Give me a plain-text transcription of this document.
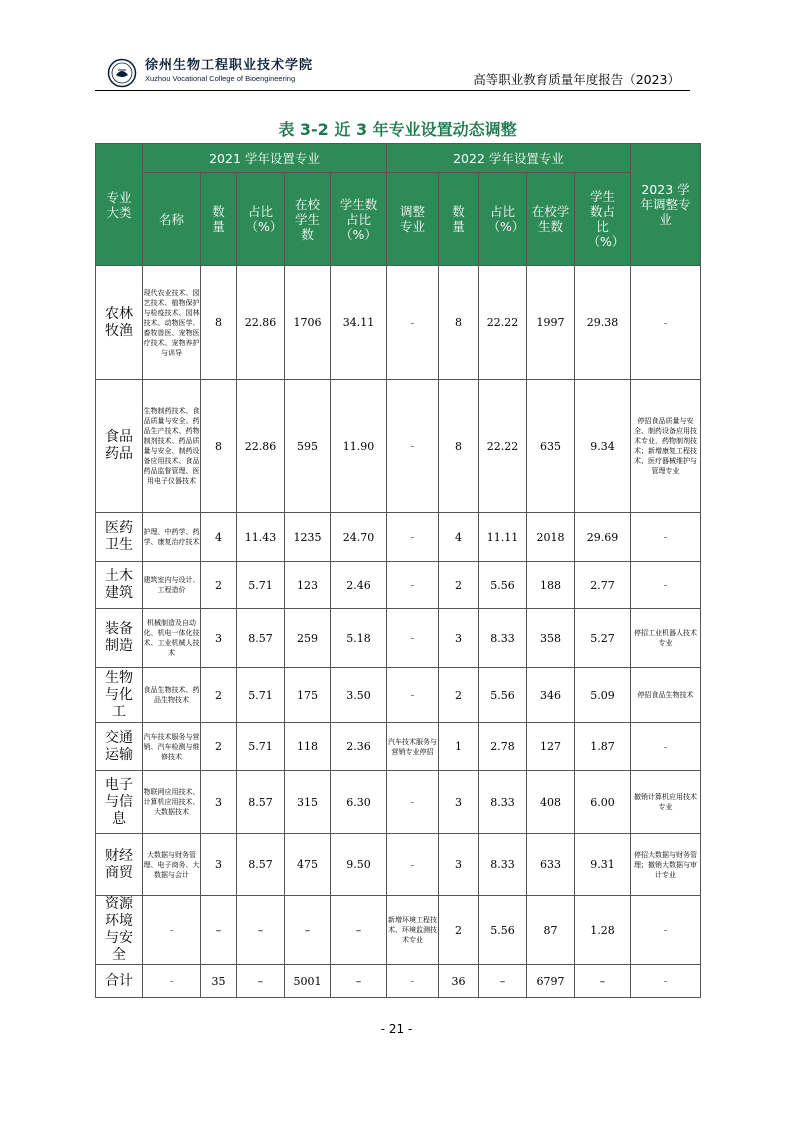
徐州生物工程职业技术学院
Xuzhou Vocational College of Bioengineering	高等职业教育质量年度报告（2023）
表 3-2 近 3 年专业设置动态调整
专业大类	2021 学年设置专业					2022 学年设置专业					2023 学年调整专业
	名称	数量	占比（%）	在校学生数	学生数占比（%）	调整专业	数量	占比（%）	在校学生数	学生数占比（%）	
农林牧渔	现代农业技术、园艺技术、植物保护与检疫技术、园林技术、动物医学、畜牧兽医、宠物医疗技术、宠物养护与训导	8	22.86	1706	34.11	–	8	22.22	1997	29.38	–
食品药品	生物制药技术、食品质量与安全、药品生产技术、药物制剂技术、药品质量与安全、制药设备应用技术、食品药品监督管理、医用电子仪器技术	8	22.86	595	11.90	–	8	22.22	635	9.34	停招食品质量与安全、制药设备应用技术专业，药物制剂技术；新增康复工程技术、医疗器械维护与管理专业
医药卫生	护理、中药学、药学、康复治疗技术	4	11.43	1235	24.70	–	4	11.11	2018	29.69	–
土木建筑	建筑室内与设计、工程造价	2	5.71	123	2.46	–	2	5.56	188	2.77	–
装备制造	机械制造及自动化、机电一体化技术、工业机械人技术	3	8.57	259	5.18	–	3	8.33	358	5.27	停招工业机器人技术专业
生物与化工	食品生物技术、药品生物技术	2	5.71	175	3.50	–	2	5.56	346	5.09	停招食品生物技术
交通运输	汽车技术服务与营销、汽车检测与维修技术	2	5.71	118	2.36	汽车技术服务与营销专业停招	1	2.78	127	1.87	–
电子与信息	物联网应用技术、计算机应用技术、大数据技术	3	8.57	315	6.30	–	3	8.33	408	6.00	撤销计算机应用技术专业
财经商贸	大数据与财务管理、电子商务、大数据与会计	3	8.57	475	9.50	–	3	8.33	633	9.31	停招大数据与财务管理；撤销大数据与审计专业
资源环境与安全	–	–	–	–	–	新增环境工程技术、环境监测技术专业	2	5.56	87	1.28	–
合计	–	35	–	5001	–	–	36	–	6797	–	–
- 21 -
